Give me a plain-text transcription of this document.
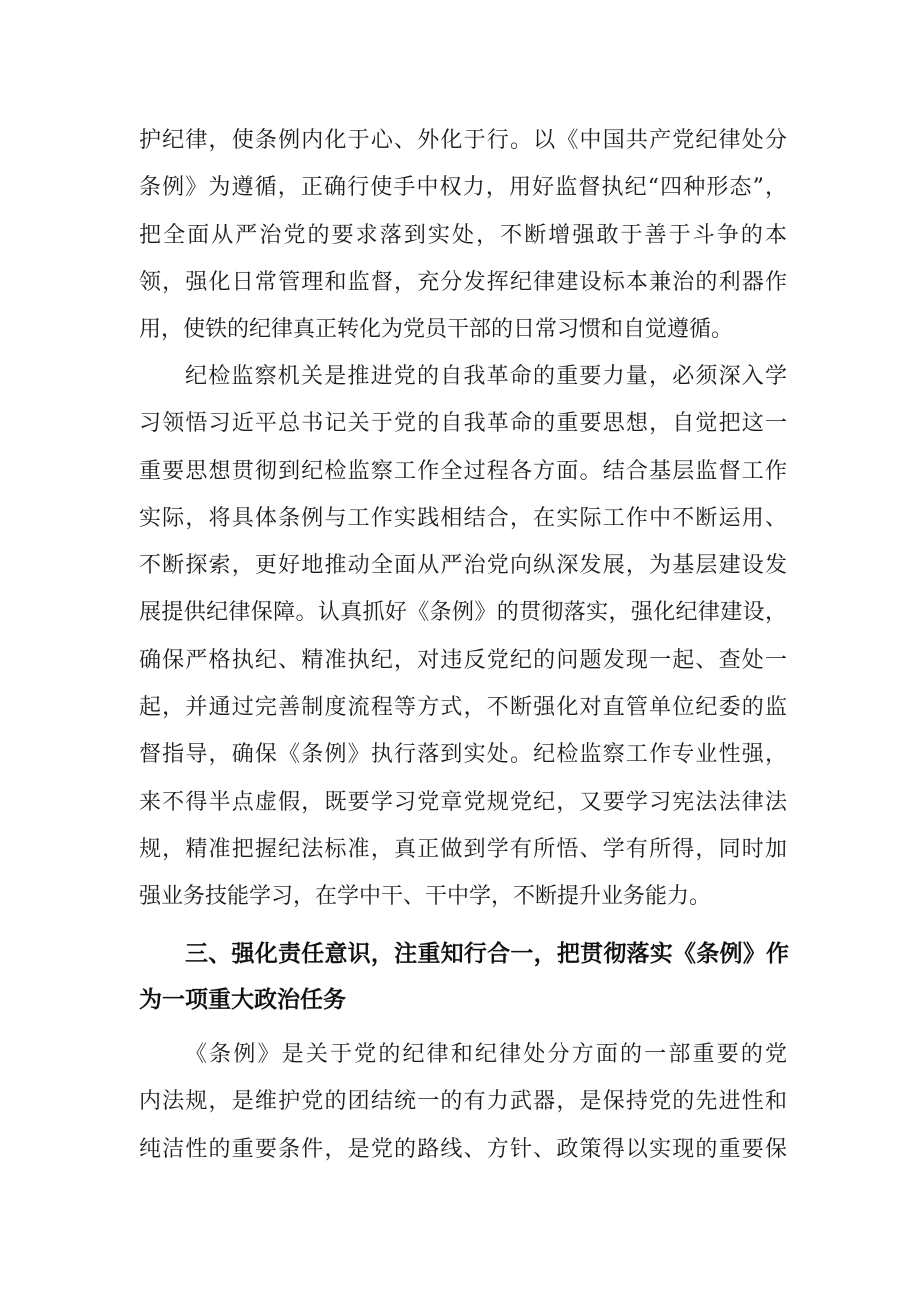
护纪律，使条例内化于心、外化于行。以《中国共产党纪律处分
条例》为遵循，正确行使手中权力，用好监督执纪“四种形态”，
把全面从严治党的要求落到实处，不断增强敢于善于斗争的本
领，强化日常管理和监督，充分发挥纪律建设标本兼治的利器作
用，使铁的纪律真正转化为党员干部的日常习惯和自觉遵循。
纪检监察机关是推进党的自我革命的重要力量，必须深入学
习领悟习近平总书记关于党的自我革命的重要思想，自觉把这一
重要思想贯彻到纪检监察工作全过程各方面。结合基层监督工作
实际，将具体条例与工作实践相结合，在实际工作中不断运用、
不断探索，更好地推动全面从严治党向纵深发展，为基层建设发
展提供纪律保障。认真抓好《条例》的贯彻落实，强化纪律建设，
确保严格执纪、精准执纪，对违反党纪的问题发现一起、查处一
起，并通过完善制度流程等方式，不断强化对直管单位纪委的监
督指导，确保《条例》执行落到实处。纪检监察工作专业性强，
来不得半点虚假，既要学习党章党规党纪，又要学习宪法法律法
规，精准把握纪法标准，真正做到学有所悟、学有所得，同时加
强业务技能学习，在学中干、干中学，不断提升业务能力。
三、强化责任意识，注重知行合一，把贯彻落实《条例》作
为一项重大政治任务
《条例》是关于党的纪律和纪律处分方面的一部重要的党
内法规，是维护党的团结统一的有力武器，是保持党的先进性和
纯洁性的重要条件，是党的路线、方针、政策得以实现的重要保
